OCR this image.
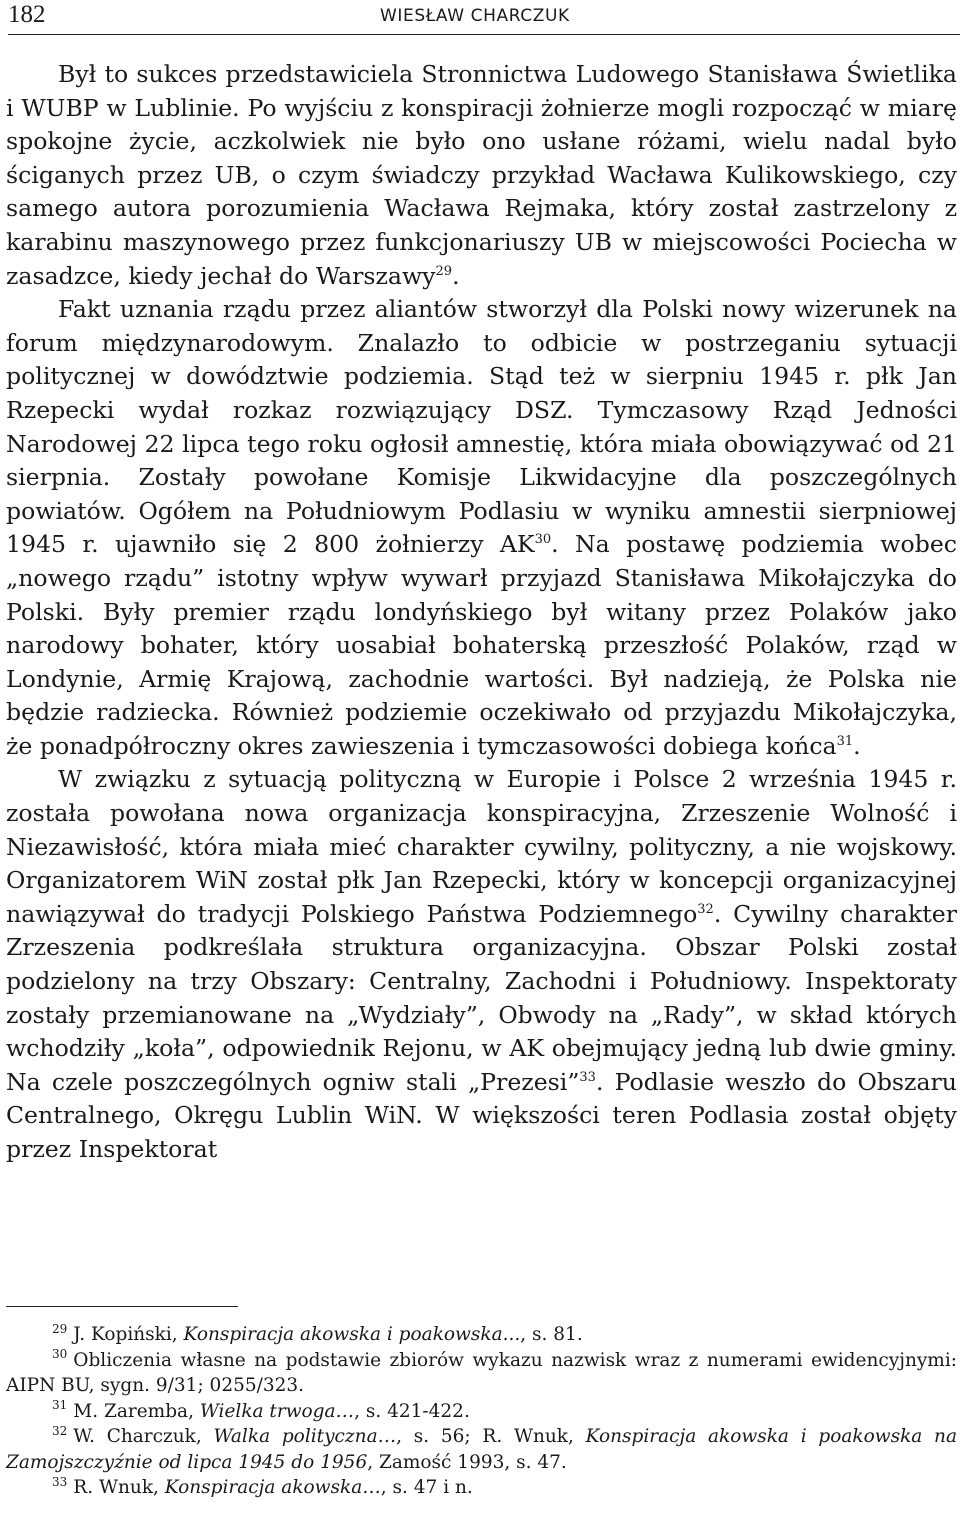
182	WIESŁAW CHARCZUK

Był to sukces przedstawiciela Stronnictwa Ludowego Stanisława Świetlika i WUBP w Lublinie. Po wyjściu z konspiracji żołnierze mogli rozpocząć w miarę spokojne życie, aczkolwiek nie było ono usłane różami, wielu nadal było ściganych przez UB, o czym świadczy przykład Wacława Kulikowskiego, czy samego autora porozumienia Wacława Rejmaka, który został zastrzelony z karabinu maszynowego przez funkcjonariuszy UB w miejscowości Pociecha w zasadzce, kiedy jechał do Warszawy$^{29}$.

Fakt uznania rządu przez aliantów stworzył dla Polski nowy wizerunek na forum międzynarodowym. Znalazło to odbicie w postrzeganiu sytuacji politycznej w dowództwie podziemia. Stąd też w sierpniu 1945 r. płk Jan Rzepecki wydał rozkaz rozwiązujący DSZ. Tymczasowy Rząd Jedności Narodowej 22 lipca tego roku ogłosił amnestię, która miała obowiązywać od 21 sierpnia. Zostały powołane Komisje Likwidacyjne dla poszczególnych powiatów. Ogółem na Południowym Podlasiu w wyniku amnestii sierpniowej 1945 r. ujawniło się 2 800 żołnierzy AK$^{30}$. Na postawę podziemia wobec „nowego rządu” istotny wpływ wywarł przyjazd Stanisława Mikołajczyka do Polski. Były premier rządu londyńskiego był witany przez Polaków jako narodowy bohater, który uosabiał bohaterską przeszłość Polaków, rząd w Londynie, Armię Krajową, zachodnie wartości. Był nadzieją, że Polska nie będzie radziecka. Również podziemie oczekiwało od przyjazdu Mikołajczyka, że ponadpółroczny okres zawieszenia i tymczasowości dobiega końca$^{31}$.

W związku z sytuacją polityczną w Europie i Polsce 2 września 1945 r. została powołana nowa organizacja konspiracyjna, Zrzeszenie Wolność i Niezawisłość, która miała mieć charakter cywilny, polityczny, a nie wojskowy. Organizatorem WiN został płk Jan Rzepecki, który w koncepcji organizacyjnej nawiązywał do tradycji Polskiego Państwa Podziemnego$^{32}$. Cywilny charakter Zrzeszenia podkreślała struktura organizacyjna. Obszar Polski został podzielony na trzy Obszary: Centralny, Zachodni i Południowy. Inspektoraty zostały przemianowane na „Wydziały”, Obwody na „Rady”, w skład których wchodziły „koła”, odpowiednik Rejonu, w AK obejmujący jedną lub dwie gminy. Na czele poszczególnych ogniw stali „Prezesi”$^{33}$. Podlasie weszło do Obszaru Centralnego, Okręgu Lublin WiN. W większości teren Podlasia został objęty przez Inspektorat

$^{29}$ J. Kopiński, Konspiracja akowska i poakowska..., s. 81.

$^{30}$ Obliczenia własne na podstawie zbiorów wykazu nazwisk wraz z numerami ewidencyjnymi: AIPN BU, sygn. 9/31; 0255/323.

$^{31}$ M. Zaremba, Wielka trwoga…, s. 421-422.

$^{32}$ W. Charczuk, Walka polityczna…, s. 56; R. Wnuk, Konspiracja akowska i poakowska na Zamojszczyźnie od lipca 1945 do 1956, Zamość 1993, s. 47.

$^{33}$ R. Wnuk, Konspiracja akowska…, s. 47 i n.
